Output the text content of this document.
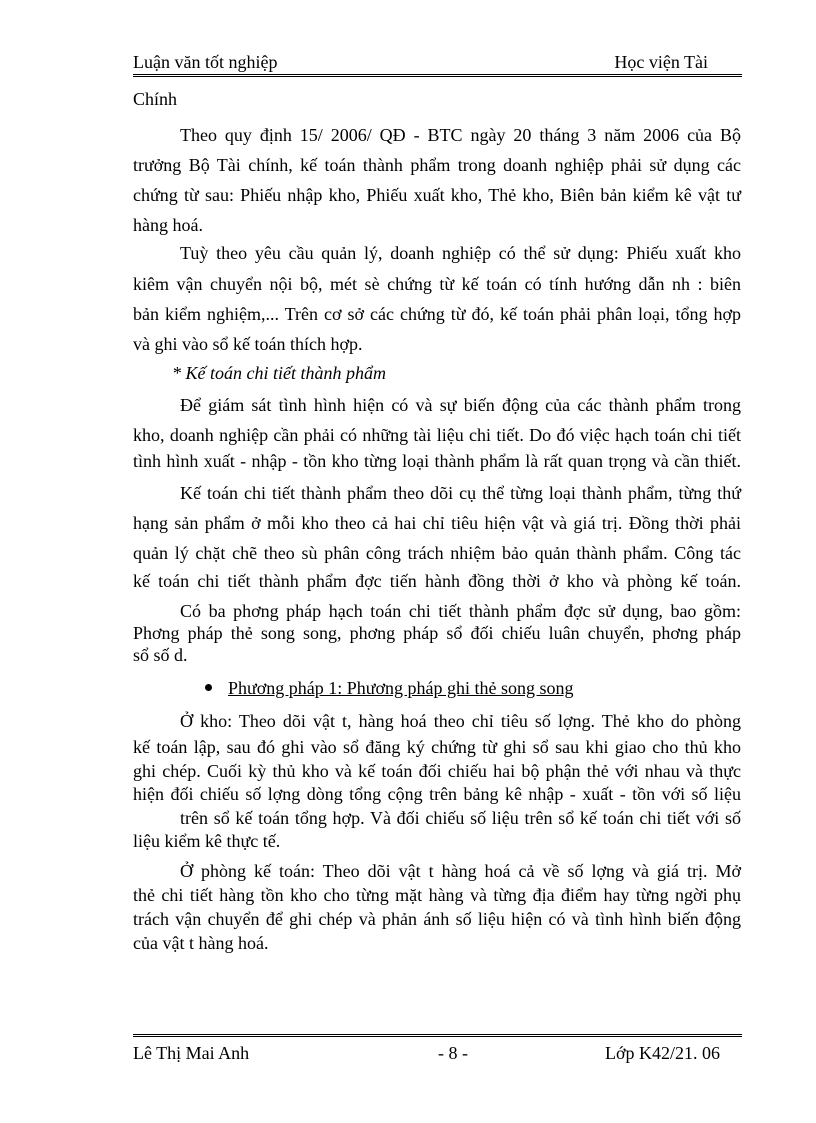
Luận văn tốt nghiệp	Học viện Tài
Chính
Theo quy định 15/ 2006/ QĐ - BTC ngày 20 tháng 3 năm 2006 của Bộ
trưởng Bộ Tài chính, kế toán thành phẩm trong doanh nghiệp phải sử dụng các
chứng từ sau: Phiếu nhập kho, Phiếu xuất kho, Thẻ kho, Biên bản kiểm kê vật tư
hàng hoá.
Tuỳ theo yêu cầu quản lý, doanh nghiệp có thể sử dụng: Phiếu xuất kho
kiêm vận chuyển nội bộ, mét sè chứng từ kế toán có tính hướng dẫn nh : biên
bản kiểm nghiệm,... Trên cơ sở các chứng từ đó, kế toán phải phân loại, tổng hợp
và ghi vào sổ kế toán thích hợp.
* Kế toán chi tiết thành phẩm
Để giám sát tình hình hiện có và sự biến động của các thành phẩm trong
kho, doanh nghiệp cần phải có những tài liệu chi tiết. Do đó việc hạch toán chi tiết
tình hình xuất - nhập - tồn kho từng loại thành phẩm là rất quan trọng và cần thiết.
Kế toán chi tiết thành phẩm theo dõi cụ thể từng loại thành phẩm, từng thứ
hạng sản phẩm ở mỗi kho theo cả hai chỉ tiêu hiện vật và giá trị. Đồng thời phải
quản lý chặt chẽ theo sù phân công trách nhiệm bảo quản thành phẩm. Công tác
kế toán chi tiết thành phẩm đợc tiến hành đồng thời ở kho và phòng kế toán.
Có ba phơng pháp hạch toán chi tiết thành phẩm đợc sử dụng, bao gồm:
Phơng pháp thẻ song song, phơng pháp sổ đối chiếu luân chuyển, phơng pháp
sổ số d.
Phương pháp 1: Phương pháp ghi thẻ song song
Ở kho: Theo dõi vật t, hàng hoá theo chỉ tiêu số lợng. Thẻ kho do phòng
kế toán lập, sau đó ghi vào sổ đăng ký chứng từ ghi sổ sau khi giao cho thủ kho
ghi chép. Cuối kỳ thủ kho và kế toán đối chiếu hai bộ phận thẻ với nhau và thực
hiện đối chiếu số lợng dòng tổng cộng trên bảng kê nhập - xuất - tồn với số liệu
trên sổ kế toán tổng hợp. Và đối chiếu số liệu trên sổ kế toán chi tiết với số
liệu kiểm kê thực tế.
Ở phòng kế toán: Theo dõi vật t hàng hoá cả về số lợng và giá trị. Mở
thẻ chi tiết hàng tồn kho cho từng mặt hàng và từng địa điểm hay từng ngời phụ
trách vận chuyển để ghi chép và phản ánh số liệu hiện có và tình hình biến động
của vật t hàng hoá.
Lê Thị Mai Anh	- 8 -	Lớp K42/21. 06
